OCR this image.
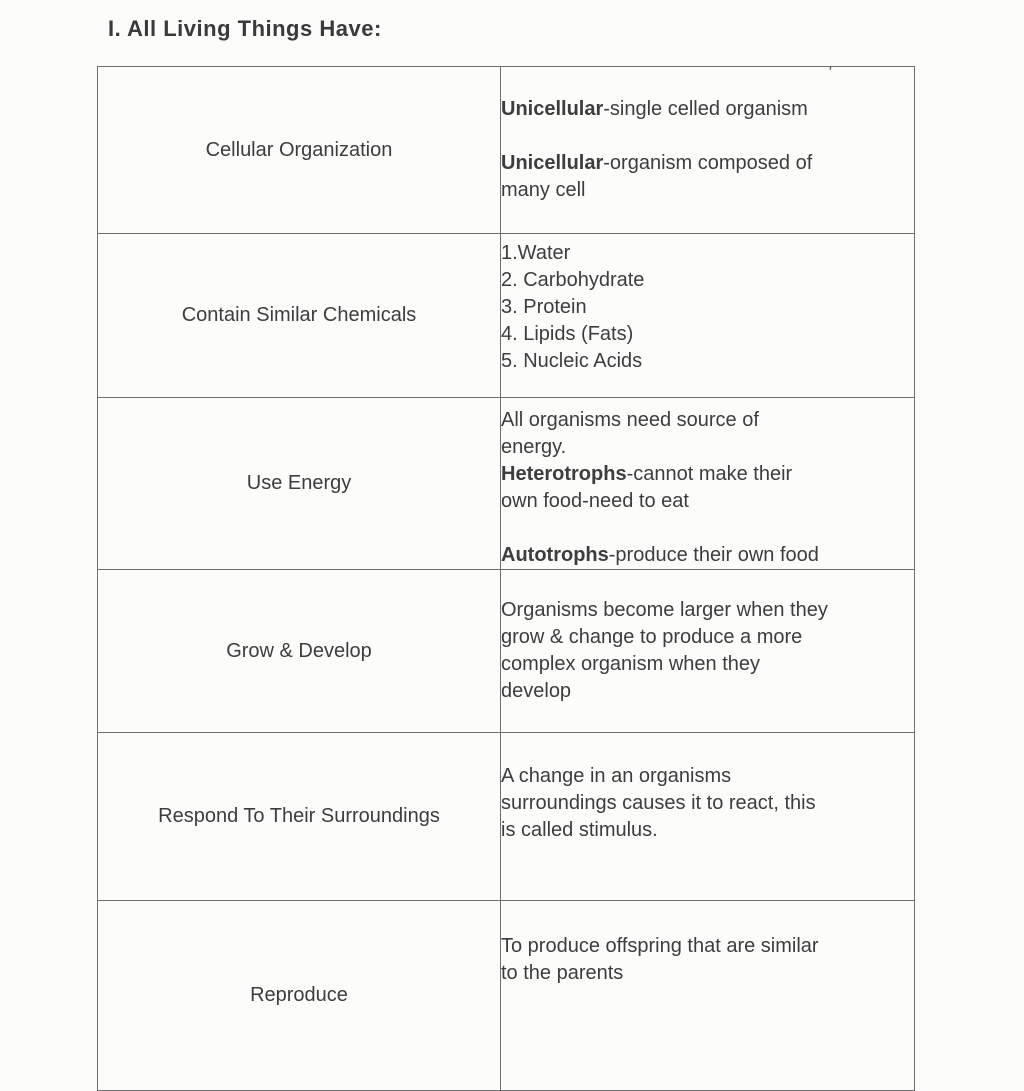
I. All Living Things Have:
'
Cellular Organization	Unicellular-single celled organism

Unicellular-organism composed of
many cell

Contain Similar Chemicals	1.Water
2. Carbohydrate
3. Protein
4. Lipids (Fats)
5. Nucleic Acids

Use Energy	All organisms need source of
energy.
Heterotrophs-cannot make their
own food-need to eat

Autotrophs-produce their own food

Grow & Develop	Organisms become larger when they
grow & change to produce a more
complex organism when they
develop

Respond To Their Surroundings	A change in an organisms
surroundings causes it to react, this
is called stimulus.

Reproduce	To produce offspring that are similar
to the parents
